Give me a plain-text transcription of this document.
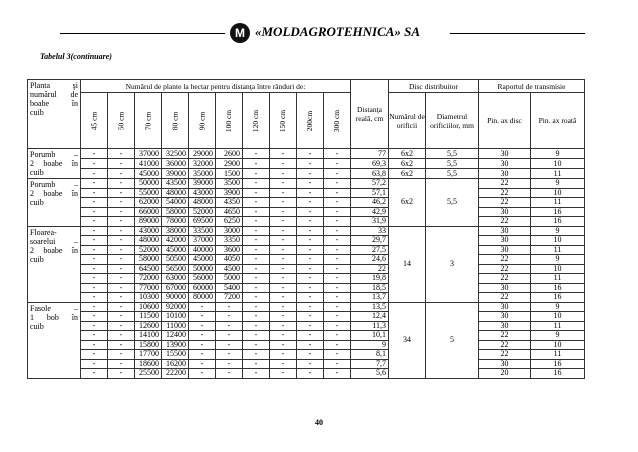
M «MOLDAGROTEHNICA» SA
Tabelul 3(continuare)
Planta şi
numărul de
boabe în
cuib	Numărul de plante la hectar pentru distanţa între rânduri de:										Distanţa reală, cm	Disc distribuitor		Raportul de transmisie	
	45 cm	50 cm	70 cm	80 cm	90 cm	100 cm	120 cm	150 cm	200cm	300 cm		Numărul de orificii	Diametrul orificiilor, mm	Pin. ax disc	Pin. ax roată

Porumb –
2 boabe în
cuib	-	-	37000	32500	29000	2600	-	-	-	-	77	6x2	5,5	30	9
	-	-	41000	36000	32000	2900	-	-	-	-	69,3	6x2	5,5	30	10
	-	-	45000	39000	35000	1500	-	-	-	-	63,8	6x2	5,5	30	11

Porumb –
2 boabe în
cuib	-	-	50000	43500	39000	3500	-	-	-	-	57,2	6x2	5,5	22	9
	-	-	55000	48000	43000	3900	-	-	-	-	57,1			22	10
	-	-	62000	54000	48000	4350	-	-	-	-	46,2			22	11
	-	-	66000	58000	52000	4650	-	-	-	-	42,9			30	16
	-	-	89000	78000	69500	6250	-	-	-	-	31,9			22	16

Floarea-
soarelui –
2 boabe în
cuib	-	-	43000	38000	33500	3000	-	-	-	-	33	14	3	30	9
	-	-	48000	42000	37000	3350	-	-	-	-	29,7			30	10
	-	-	52000	45000	40000	3600	-	-	-	-	27,5			30	11
	-	-	58000	50500	45000	4050	-	-	-	-	24,6			22	9
	-	-	64500	56500	50000	4500	-	-	-	-	22			22	10
	-	-	72000	63000	56000	5000	-	-	-	-	19,8			22	11
	-	-	77000	67000	60000	5400	-	-	-	-	18,5			30	16
	-	-	10300	90000	80000	7200	-	-	-	-	13,7			22	16

Fasole –
1 bob în
cuib	-	-	10600	92000	-	-	-	-	-	-	13,5	34	5	30	9
	-	-	11500	10100	-	-	-	-	-	-	12,4			30	10
	-	-	12600	11000	-	-	-	-	-	-	11,3			30	11
	-	-	14100	12400	-	-	-	-	-	-	10,1			22	9
	-	-	15800	13900	-	-	-	-	-	-	9			22	10
	-	-	17700	15500	-	-	-	-	-	-	8,1			22	11
	-	-	18600	16200	-	-	-	-	-	-	7,7			30	16
	-	-	25500	22200	-	-	-	-	-	-	5,6			20	16
40
